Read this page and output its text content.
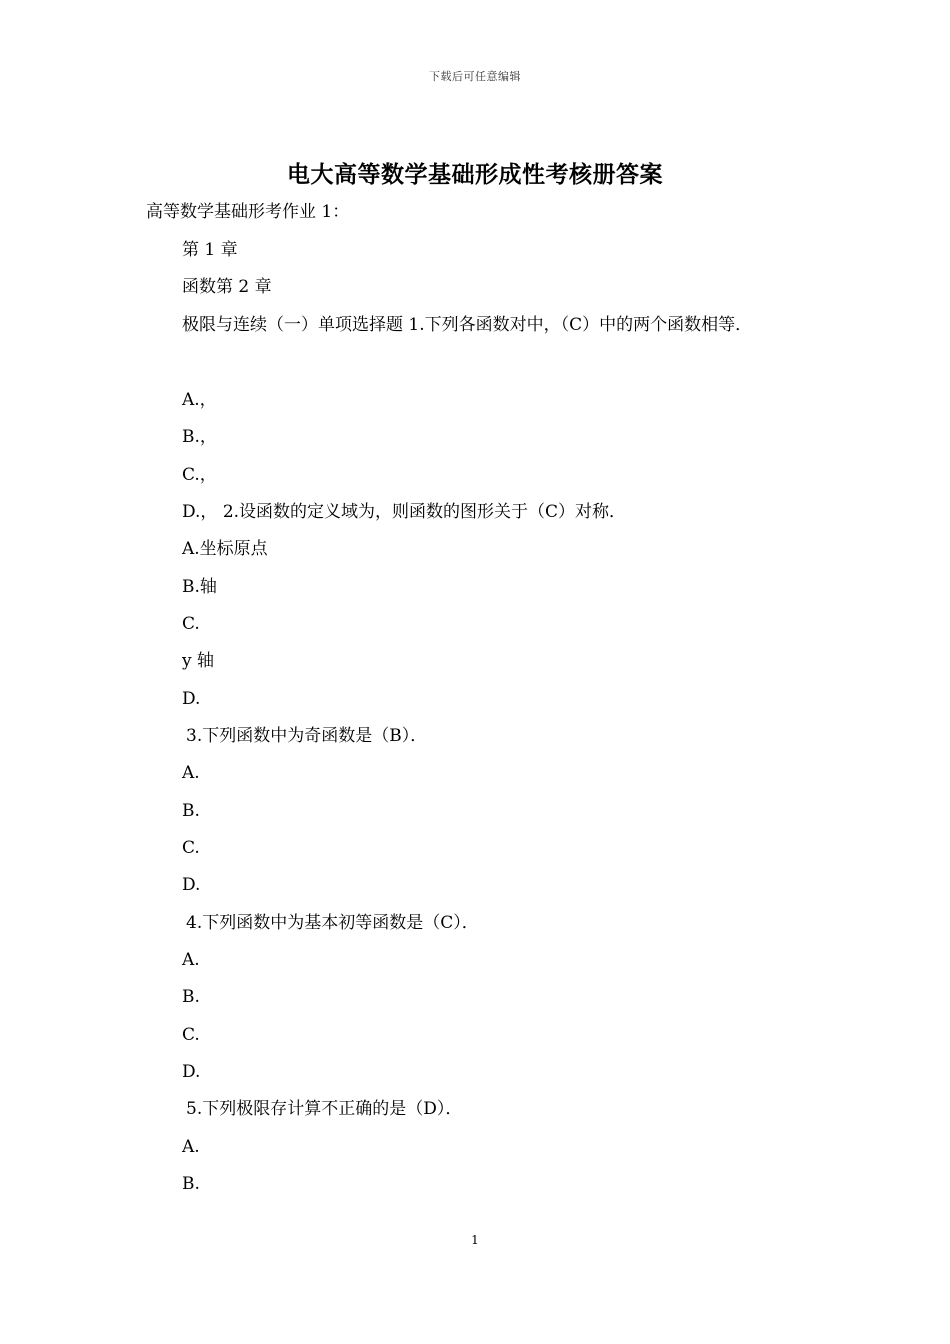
下载后可任意编辑
电大高等数学基础形成性考核册答案
高等数学基础形考作业 1：
第 1 章
函数第 2 章
极限与连续（一）单项选择题 1.下列各函数对中，（C）中的两个函数相等．
A.，
B.，
C.，
D.， 2.设函数的定义域为，则函数的图形关于（C）对称．
A.坐标原点
B.轴
C.
y 轴
D.
3.下列函数中为奇函数是（B）．
A.
B.
C.
D.
4.下列函数中为基本初等函数是（C）．
A.
B.
C.
D.
5.下列极限存计算不正确的是（D）．
A.
B.
1
